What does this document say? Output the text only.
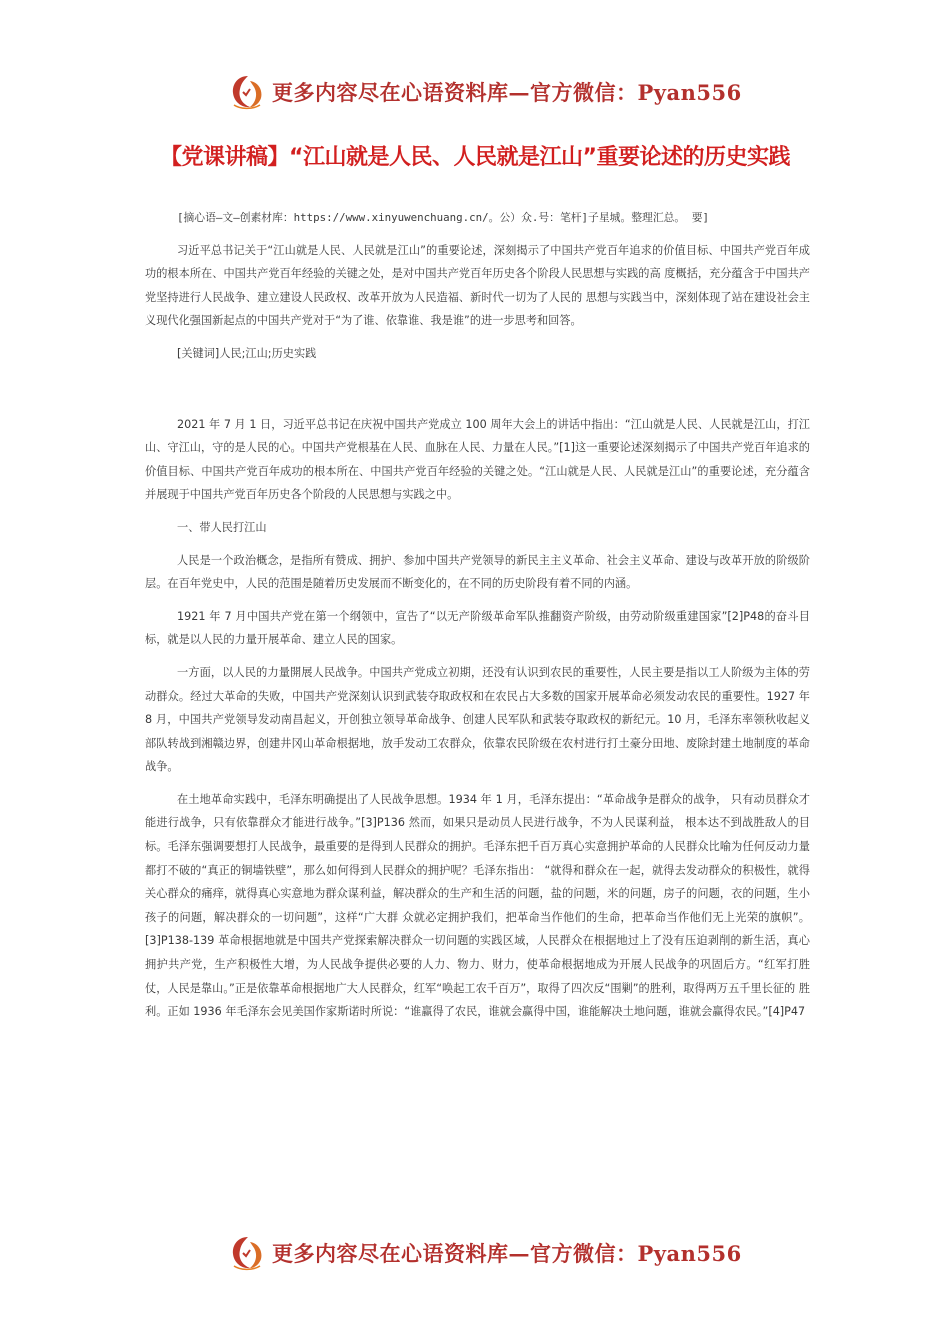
更多内容尽在心语资料库—官方微信：Pyan556
【党课讲稿】“江山就是人民、人民就是江山”重要论述的历史实践

[摘心语—文—创素材库：https://www.xinyuwenchuang.cn/。公）众.号：笔杆]子星城。整理汇总。 要]

习近平总书记关于“江山就是人民、人民就是江山”的重要论述，深刻揭示了中国共产党百年追求的价值目标、中国共产党百年成功的根本所在、中国共产党百年经验的关键之处，是对中国共产党百年历史各个阶段人民思想与实践的高 度概括，充分蕴含于中国共产党坚持进行人民战争、建立建设人民政权、改革开放为人民造福、新时代一切为了人民的 思想与实践当中，深刻体现了站在建设社会主义现代化强国新起点的中国共产党对于“为了谁、依靠谁、我是谁”的进一步思考和回答。

[关键词]人民;江山;历史实践

2021 年 7 月 1 日，习近平总书记在庆祝中国共产党成立 100 周年大会上的讲话中指出：“江山就是人民、人民就是江山，打江山、守江山，守的是人民的心。中国共产党根基在人民、血脉在人民、力量在人民。”[1]这一重要论述深刻揭示了中国共产党百年追求的价值目标、中国共产党百年成功的根本所在、中国共产党百年经验的关键之处。“江山就是人民、人民就是江山”的重要论述，充分蕴含并展现于中国共产党百年历史各个阶段的人民思想与实践之中。

一、带人民打江山

人民是一个政治概念，是指所有赞成、拥护、参加中国共产党领导的新民主主义革命、社会主义革命、建设与改革开放的阶级阶层。在百年党史中，人民的范围是随着历史发展而不断变化的，在不同的历史阶段有着不同的内涵。

1921 年 7 月中国共产党在第一个纲领中，宣告了“以无产阶级革命军队推翻资产阶级，由劳动阶级重建国家”[2]P48的奋斗目标，就是以人民的力量开展革命、建立人民的国家。

一方面，以人民的力量開展人民战争。中国共产党成立初期，还没有认识到农民的重要性，人民主要是指以工人阶级为主体的劳动群众。经过大革命的失败，中国共产党深刻认识到武装夺取政权和在农民占大多数的国家开展革命必须发动农民的重要性。1927 年 8 月，中国共产党领导发动南昌起义，开创独立领导革命战争、创建人民军队和武装夺取政权的新纪元。10 月，毛泽东率领秋收起义部队转战到湘赣边界，创建井冈山革命根据地，放手发动工农群众，依靠农民阶级在农村进行打土豪分田地、废除封建土地制度的革命战争。

在土地革命实践中，毛泽东明确提出了人民战争思想。1934 年 1 月，毛泽东提出：“革命战争是群众的战争， 只有动员群众才能进行战争，只有依靠群众才能进行战争。”[3]P136 然而，如果只是动员人民进行战争，不为人民谋利益， 根本达不到战胜敌人的目标。毛泽东强调要想打人民战争，最重要的是得到人民群众的拥护。毛泽东把千百万真心实意拥护革命的人民群众比喻为任何反动力量都打不破的“真正的铜墙铁壁”，那么如何得到人民群众的拥护呢？毛泽东指出： “就得和群众在一起，就得去发动群众的积极性，就得关心群众的痛痒，就得真心实意地为群众谋利益，解决群众的生产和生活的问题，盐的问题，米的问题，房子的问题，衣的问题，生小孩子的问题，解决群众的一切问题”，这样“广大群 众就必定拥护我们，把革命当作他们的生命，把革命当作他们无上光荣的旗帜”。[3]P138-139 革命根据地就是中国共产党探索解决群众一切问题的实践区域，人民群众在根据地过上了没有压迫剥削的新生活，真心拥护共产党，生产积极性大增，为人民战争提供必要的人力、物力、财力，使革命根据地成为开展人民战争的巩固后方。“红军打胜仗，人民是靠山。”正是依靠革命根据地广大人民群众，红军“唤起工农千百万”，取得了四次反“围剿”的胜利，取得两万五千里长征的 胜利。正如 1936 年毛泽东会见美国作家斯诺时所说：“谁赢得了农民，谁就会赢得中国，谁能解决土地问题，谁就会赢得农民。”[4]P47

更多内容尽在心语资料库—官方微信：Pyan556
